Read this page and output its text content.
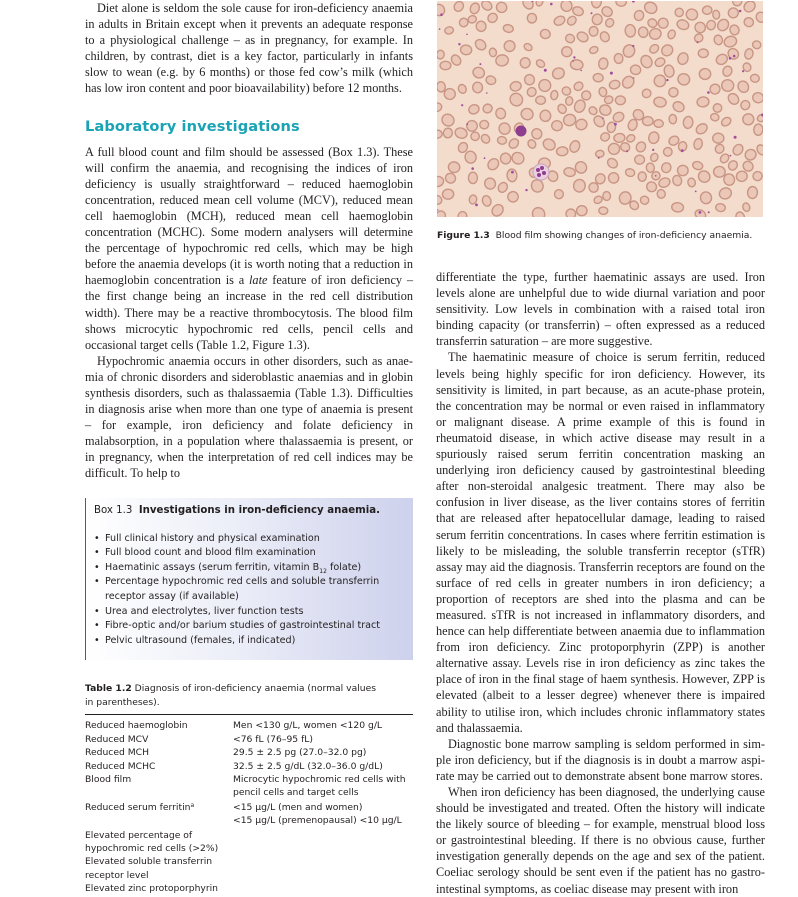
Diet alone is seldom the sole cause for iron-deficiency anaemia in adults in Britain except when it prevents an adequate response to a physiological challenge – as in pregnancy, for example. In children, by contrast, diet is a key factor, particularly in infants slow to wean (e.g. by 6 months) or those fed cow’s milk (which has low iron content and poor bioavailability) before 12 months.

Laboratory investigations

A full blood count and film should be assessed (Box 1.3). These will confirm the anaemia, and recognising the indices of iron deficiency is usually straightforward – reduced haemoglobin concentration, reduced mean cell volume (MCV), reduced mean cell haemoglobin (MCH), reduced mean cell haemoglobin concentration (MCHC). Some modern analysers will determine the percentage of hypochromic red cells, which may be high before the anaemia develops (it is worth noting that a reduction in haemoglobin concentration is a late feature of iron deficiency – the first change being an increase in the red cell distribution width). There may be a reactive thrombocytosis. The blood film shows microcytic hypochromic red cells, pencil cells and occasional target cells (Table 1.2, Figure 1.3).

Hypochromic anaemia occurs in other disorders, such as anaemia of chronic disorders and sideroblastic anaemias and in globin synthesis disorders, such as thalassaemia (Table 1.3). Difficulties in diagnosis arise when more than one type of anaemia is present – for example, iron deficiency and folate deficiency in malabsorption, in a population where thalassaemia is present, or in pregnancy, when the interpretation of red cell indices may be difficult. To help to

Box 1.3 Investigations in iron-deficiency anaemia.
• Full clinical history and physical examination
• Full blood count and blood film examination
• Haematinic assays (serum ferritin, vitamin $B_{12}$ folate)
• Percentage hypochromic red cells and soluble transferrin receptor assay (if available)
• Urea and electrolytes, liver function tests
• Fibre-optic and/or barium studies of gastrointestinal tract
• Pelvic ultrasound (females, if indicated)
Table 1.2 Diagnosis of iron-deficiency anaemia (normal values in parentheses).
Reduced haemoglobin	Men <130 g/L, women <120 g/L
Reduced MCV	<76 fL (76–95 fL)
Reduced MCH	29.5 ± 2.5 pg (27.0–32.0 pg)
Reduced MCHC	32.5 ± 2.5 g/dL (32.0–36.0 g/dL)
Blood film	Microcytic hypochromic red cells with pencil cells and target cells
Reduced serum ferritin$^a$	<15 µg/L (men and women)
<15 µg/L (premenopausal) <10 µg/L
Elevated percentage of hypochromic red cells (>2%)
Elevated soluble transferrin receptor level
Elevated zinc protoporphyrin
Figure 1.3 Blood film showing changes of iron-deficiency anaemia.

differentiate the type, further haematinic assays are used. Iron levels alone are unhelpful due to wide diurnal variation and poor sensitivity. Low levels in combination with a raised total iron binding capacity (or transferrin) – often expressed as a reduced transferrin saturation – are more suggestive.

The haematinic measure of choice is serum ferritin, reduced levels being highly specific for iron deficiency. However, its sensitivity is limited, in part because, as an acute-phase protein, the concentration may be normal or even raised in inflammatory or malignant disease. A prime example of this is found in rheumatoid disease, in which active disease may result in a spuriously raised serum ferritin concentration masking an underlying iron deficiency caused by gastrointestinal bleeding after non-steroidal analgesic treatment. There may also be confusion in liver disease, as the liver contains stores of ferritin that are released after hepatocellular damage, leading to raised serum ferritin concentrations. In cases where ferritin estimation is likely to be misleading, the soluble transferrin receptor (sTfR) assay may aid the diagnosis. Transferrin receptors are found on the surface of red cells in greater numbers in iron deficiency; a proportion of receptors are shed into the plasma and can be measured. sTfR is not increased in inflammatory disorders, and hence can help differentiate between anaemia due to inflammation from iron deficiency. Zinc protoporphyrin (ZPP) is another alternative assay. Levels rise in iron deficiency as zinc takes the place of iron in the final stage of haem synthesis. However, ZPP is elevated (albeit to a lesser degree) whenever there is impaired ability to utilise iron, which includes chronic inflammatory states and thalassaemia.

Diagnostic bone marrow sampling is seldom performed in simple iron deficiency, but if the diagnosis is in doubt a marrow aspirate may be carried out to demonstrate absent bone marrow stores.

When iron deficiency has been diagnosed, the underlying cause should be investigated and treated. Often the history will indicate the likely source of bleeding – for example, menstrual blood loss or gastrointestinal bleeding. If there is no obvious cause, further investigation generally depends on the age and sex of the patient. Coeliac serology should be sent even if the patient has no gastrointestinal symptoms, as coeliac disease may present with iron
